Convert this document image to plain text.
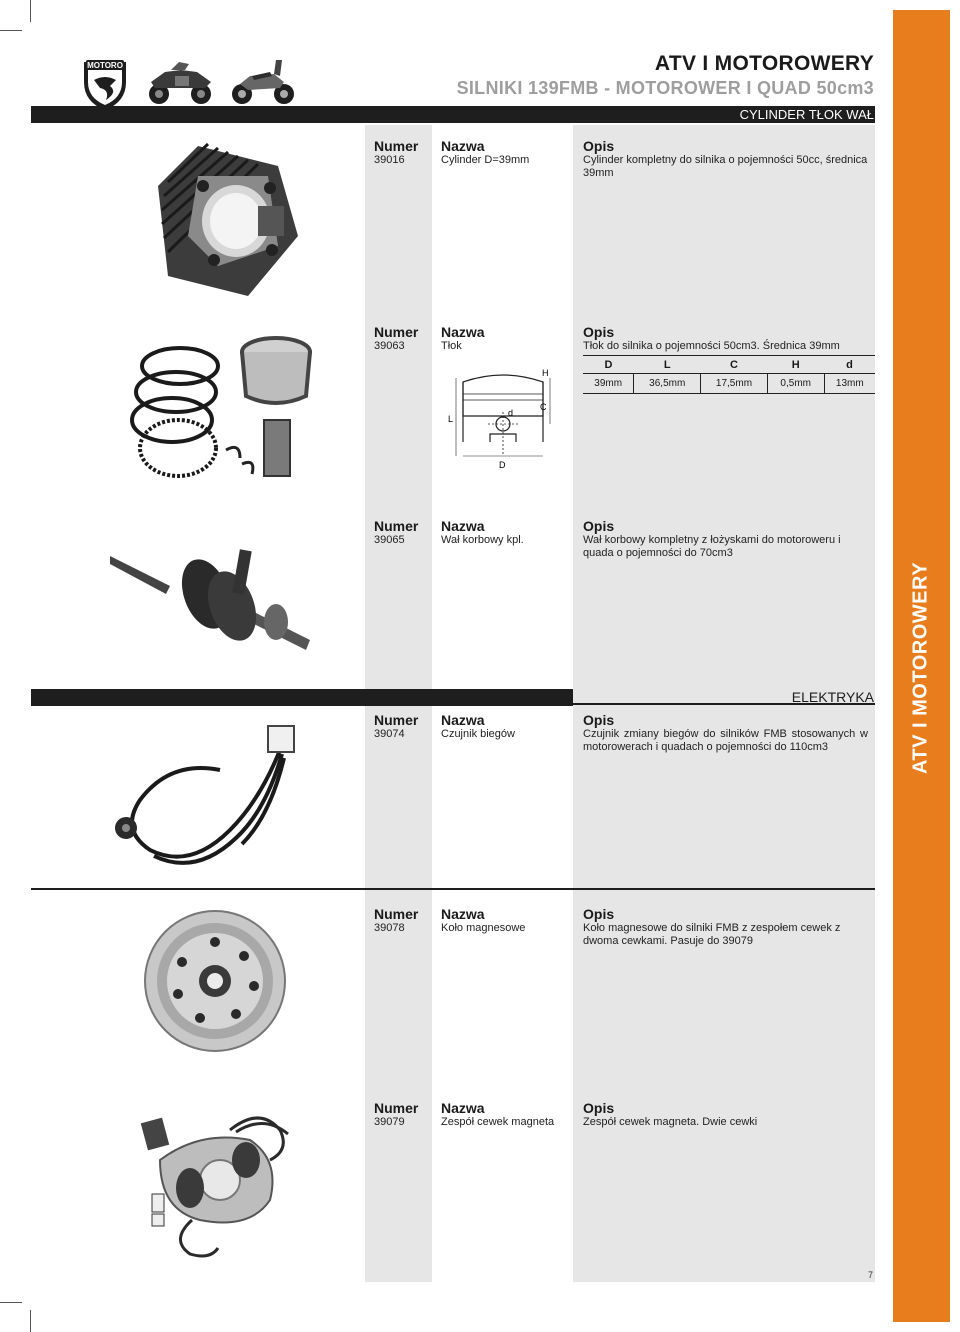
ATV I MOTOROWERY
MOTORO	ATV I MOTOROWERY
SILNIKI 139FMB - MOTOROWER I QUAD 50cm3
CYLINDER TŁOK WAŁ
Numer Nazwa	Opis
39016	Cylinder D=39mm	Cylinder kompletny do silnika o pojemności 50cc, średnica 39mm
Numer Nazwa	Opis
39063	Tłok	Tłok do silnika o pojemności 50cm3. Średnica 39mm
D	L	C	H	d
39mm	36,5mm	17,5mm	0,5mm	13mm
H
C
L
d
D
Numer Nazwa	Opis
39065	Wał korbowy kpl.	Wał korbowy kompletny z łożyskami do motoroweru i quada o pojemności do 70cm3
ELEKTRYKA
Numer Nazwa	Opis
39074	Czujnik biegów	Czujnik zmiany biegów do silników FMB stosowanych w motorowerach i quadach o pojemności do 110cm3
Numer Nazwa	Opis
39078	Koło magnesowe	Koło magnesowe do silniki FMB z zespołem cewek z dwoma cewkami. Pasuje do 39079
Numer Nazwa	Opis
39079	Zespół cewek magneta	Zespół cewek magneta. Dwie cewki
7
